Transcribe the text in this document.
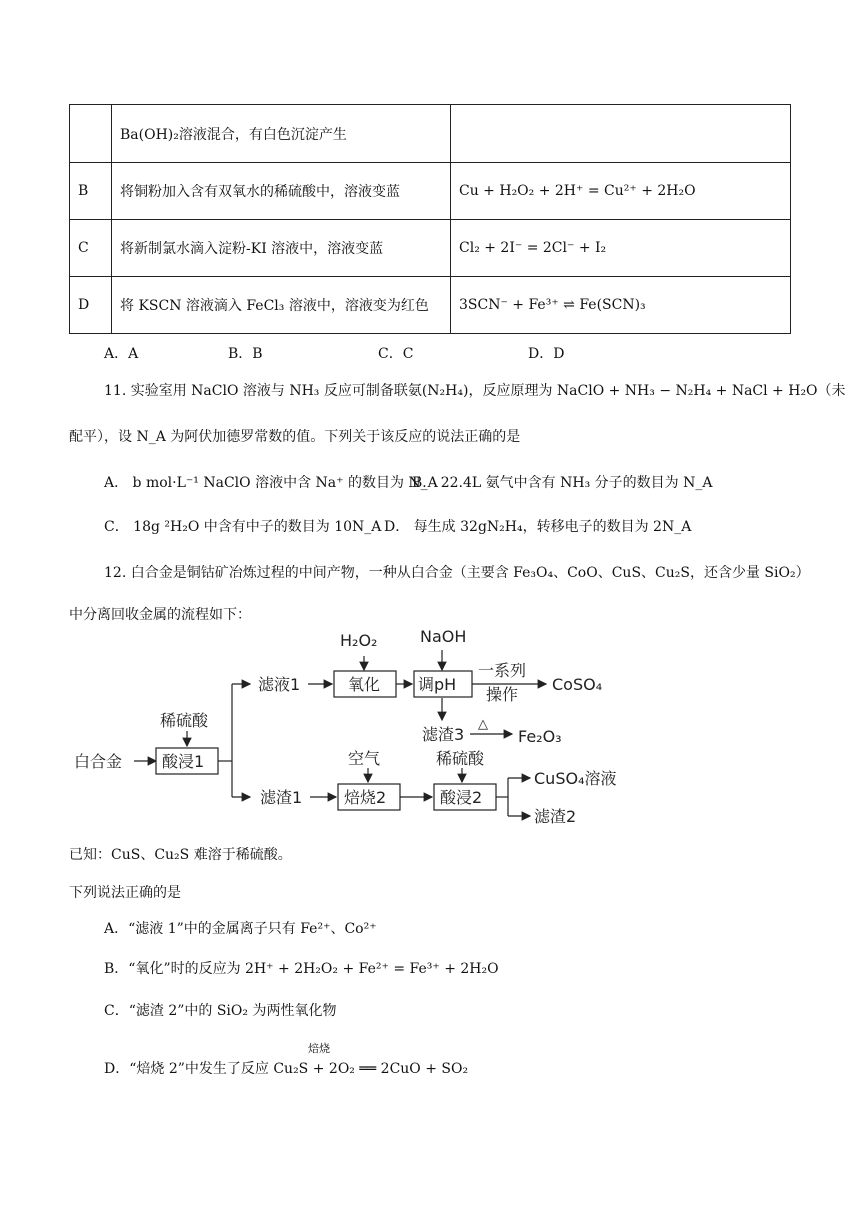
	Ba(OH)₂溶液混合，有白色沉淀产生	
B	将铜粉加入含有双氧水的稀硫酸中，溶液变蓝	Cu + H₂O₂ + 2H⁺ = Cu²⁺ + 2H₂O
C	将新制氯水滴入淀粉-KI 溶液中，溶液变蓝	Cl₂ + 2I⁻ = 2Cl⁻ + I₂
D	将 KSCN 溶液滴入 FeCl₃ 溶液中，溶液变为红色	3SCN⁻ + Fe³⁺ ⇌ Fe(SCN)₃
A．A	B．B	C．C	D．D
11. 实验室用 NaClO 溶液与 NH₃ 反应可制备联氨(N₂H₄)，反应原理为 NaClO + NH₃ − N₂H₄ + NaCl + H₂O（未
配平），设 N_A 为阿伏加德罗常数的值。下列关于该反应的说法正确的是
A． b mol·L⁻¹ NaClO 溶液中含 Na⁺ 的数目为 N_A
B． 22.4L 氨气中含有 NH₃ 分子的数目为 N_A
C． 18g ²H₂O 中含有中子的数目为 10N_A D． 每生成 32gN₂H₄，转移电子的数目为 2N_A
12. 白合金是铜钴矿冶炼过程的中间产物，一种从白合金（主要含 Fe₃O₄、CoO、CuS、Cu₂S，还含少量 SiO₂）
中分离回收金属的流程如下：
白合金
稀硫酸
酸浸1
滤液1
H₂O₂
氧化
NaOH
调pH
一系列
操作
CoSO₄
滤渣3
△
Fe₂O₃
滤渣1
空气
焙烧2
稀硫酸
酸浸2
CuSO₄溶液
滤渣2
已知：CuS、Cu₂S 难溶于稀硫酸。
下列说法正确的是
A．“滤液 1”中的金属离子只有 Fe²⁺、Co²⁺
B．“氧化”时的反应为 2H⁺ + 2H₂O₂ + Fe²⁺ = Fe³⁺ + 2H₂O
C．“滤渣 2”中的 SiO₂ 为两性氧化物
焙烧
D．“焙烧 2”中发生了反应 Cu₂S + 2O₂ ══ 2CuO + SO₂
